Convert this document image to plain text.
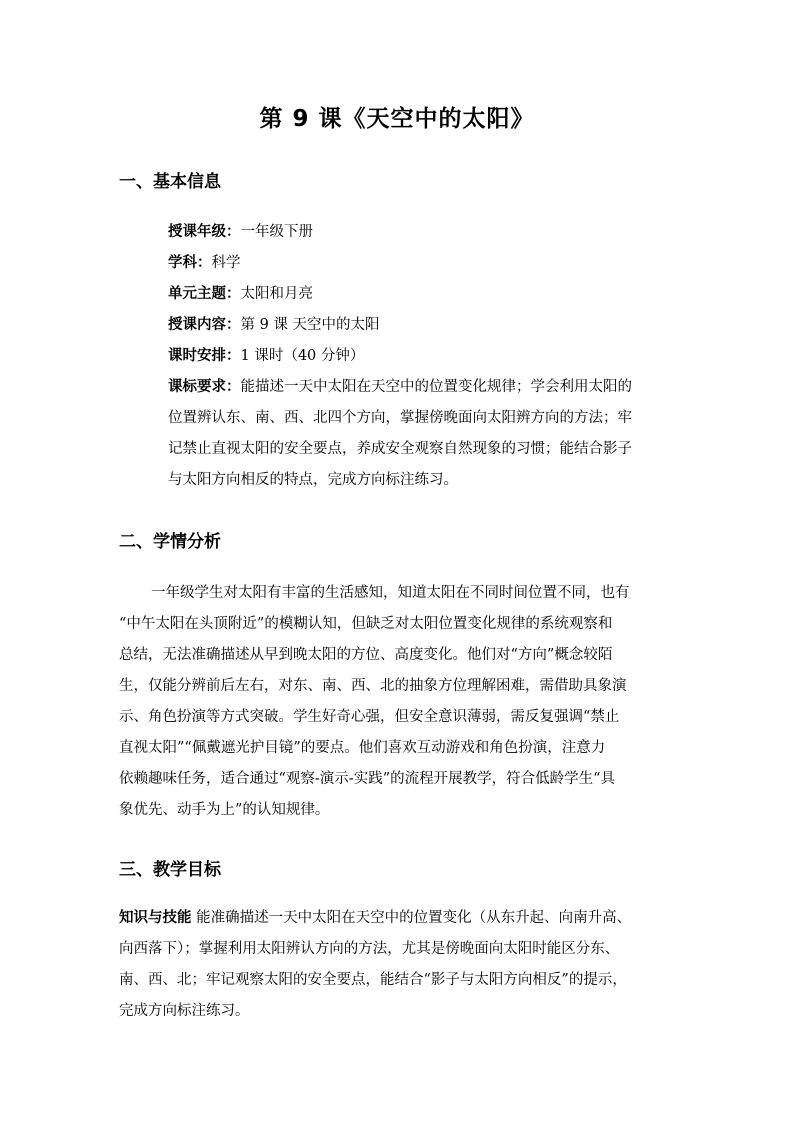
第 9 课《天空中的太阳》
一、基本信息
授课年级：一年级下册
学科：科学
单元主题：太阳和月亮
授课内容：第 9 课 天空中的太阳
课时安排：1 课时（40 分钟）
课标要求：能描述一天中太阳在天空中的位置变化规律；学会利用太阳的
位置辨认东、南、西、北四个方向，掌握傍晚面向太阳辨方向的方法；牢
记禁止直视太阳的安全要点，养成安全观察自然现象的习惯；能结合影子
与太阳方向相反的特点，完成方向标注练习。
二、学情分析
一年级学生对太阳有丰富的生活感知，知道太阳在不同时间位置不同，也有
“中午太阳在头顶附近”的模糊认知，但缺乏对太阳位置变化规律的系统观察和
总结，无法准确描述从早到晚太阳的方位、高度变化。他们对“方向”概念较陌
生，仅能分辨前后左右，对东、南、西、北的抽象方位理解困难，需借助具象演
示、角色扮演等方式突破。学生好奇心强，但安全意识薄弱，需反复强调“禁止
直视太阳”“佩戴遮光护目镜”的要点。他们喜欢互动游戏和角色扮演，注意力
依赖趣味任务，适合通过“观察-演示-实践”的流程开展教学，符合低龄学生“具
象优先、动手为上”的认知规律。
三、教学目标
知识与技能 能准确描述一天中太阳在天空中的位置变化（从东升起、向南升高、
向西落下）；掌握利用太阳辨认方向的方法，尤其是傍晚面向太阳时能区分东、
南、西、北；牢记观察太阳的安全要点，能结合“影子与太阳方向相反”的提示，
完成方向标注练习。
